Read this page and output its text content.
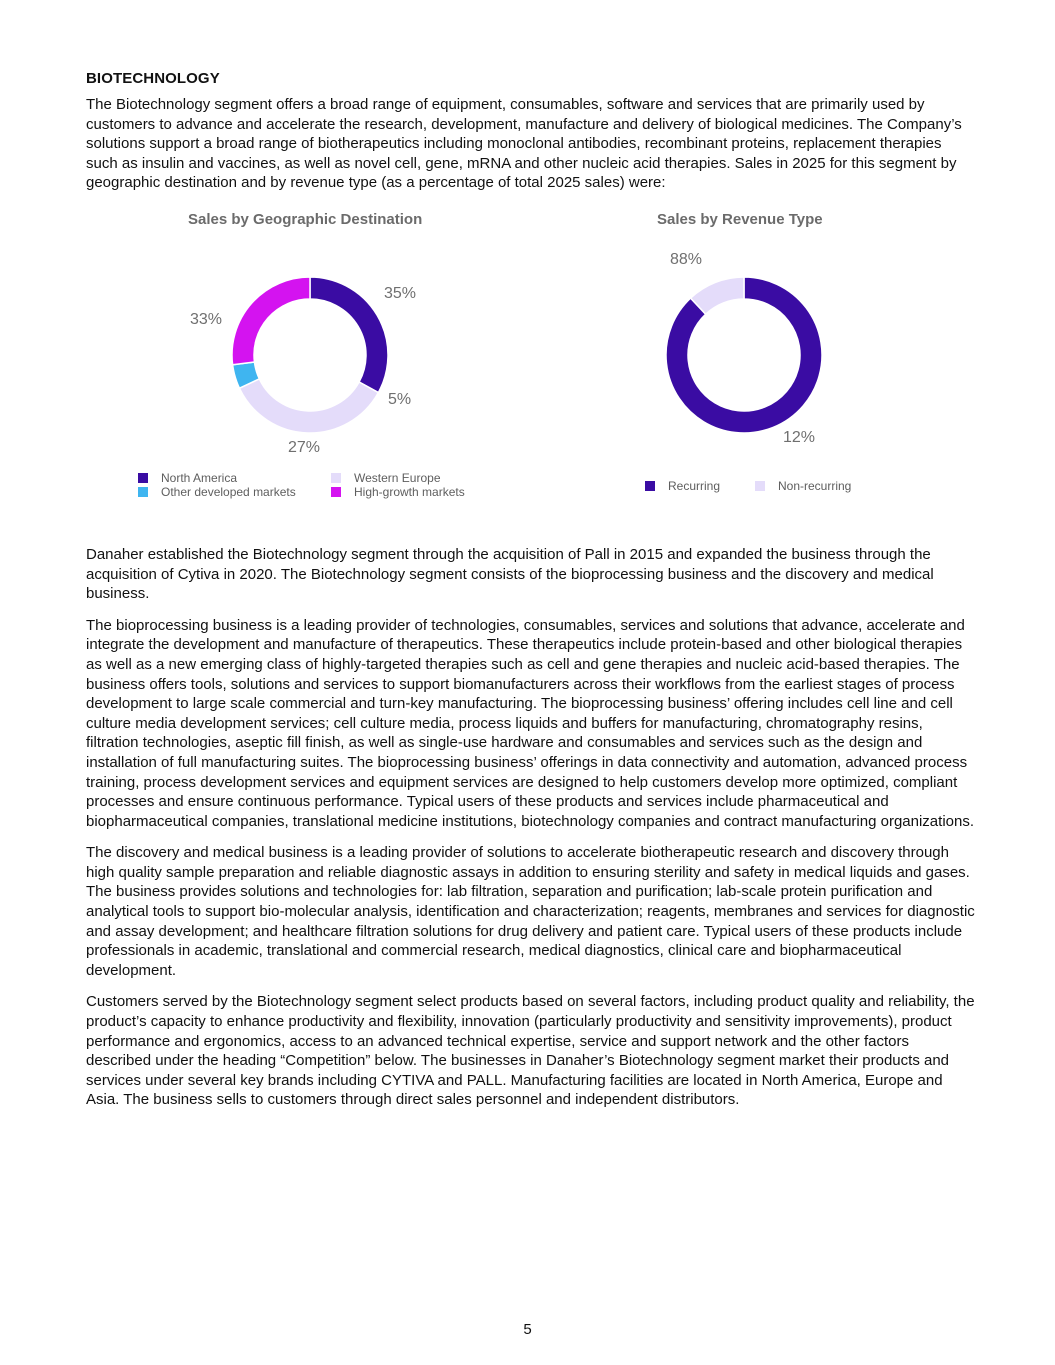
BIOTECHNOLOGY

The Biotechnology segment offers a broad range of equipment, consumables, software and services that are primarily used by customers to advance and accelerate the research, development, manufacture and delivery of biological medicines. The Company’s solutions support a broad range of biotherapeutics including monoclonal antibodies, recombinant proteins, replacement therapies such as insulin and vaccines, as well as novel cell, gene, mRNA and other nucleic acid therapies. Sales in 2025 for this segment by geographic destination and by revenue type (as a percentage of total 2025 sales) were:

Sales by Geographic Destination
33%
35%
5%
27%
North America	Western Europe
Other developed markets	High-growth markets
Sales by Revenue Type
88%
12%
Recurring	Non-recurring

Danaher established the Biotechnology segment through the acquisition of Pall in 2015 and expanded the business through the acquisition of Cytiva in 2020. The Biotechnology segment consists of the bioprocessing business and the discovery and medical business.

The bioprocessing business is a leading provider of technologies, consumables, services and solutions that advance, accelerate and integrate the development and manufacture of therapeutics. These therapeutics include protein-based and other biological therapies as well as a new emerging class of highly-targeted therapies such as cell and gene therapies and nucleic acid-based therapies. The business offers tools, solutions and services to support biomanufacturers across their workflows from the earliest stages of process development to large scale commercial and turn-key manufacturing. The bioprocessing business’ offering includes cell line and cell culture media development services; cell culture media, process liquids and buffers for manufacturing, chromatography resins, filtration technologies, aseptic fill finish, as well as single-use hardware and consumables and services such as the design and installation of full manufacturing suites. The bioprocessing business’ offerings in data connectivity and automation, advanced process training, process development services and equipment services are designed to help customers develop more optimized, compliant processes and ensure continuous performance. Typical users of these products and services include pharmaceutical and biopharmaceutical companies, translational medicine institutions, biotechnology companies and contract manufacturing organizations.

The discovery and medical business is a leading provider of solutions to accelerate biotherapeutic research and discovery through high quality sample preparation and reliable diagnostic assays in addition to ensuring sterility and safety in medical liquids and gases. The business provides solutions and technologies for: lab filtration, separation and purification; lab-scale protein purification and analytical tools to support bio-molecular analysis, identification and characterization; reagents, membranes and services for diagnostic and assay development; and healthcare filtration solutions for drug delivery and patient care. Typical users of these products include professionals in academic, translational and commercial research, medical diagnostics, clinical care and biopharmaceutical development.

Customers served by the Biotechnology segment select products based on several factors, including product quality and reliability, the product’s capacity to enhance productivity and flexibility, innovation (particularly productivity and sensitivity improvements), product performance and ergonomics, access to an advanced technical expertise, service and support network and the other factors described under the heading “Competition” below. The businesses in Danaher’s Biotechnology segment market their products and services under several key brands including CYTIVA and PALL. Manufacturing facilities are located in North America, Europe and Asia. The business sells to customers through direct sales personnel and independent distributors.

5
